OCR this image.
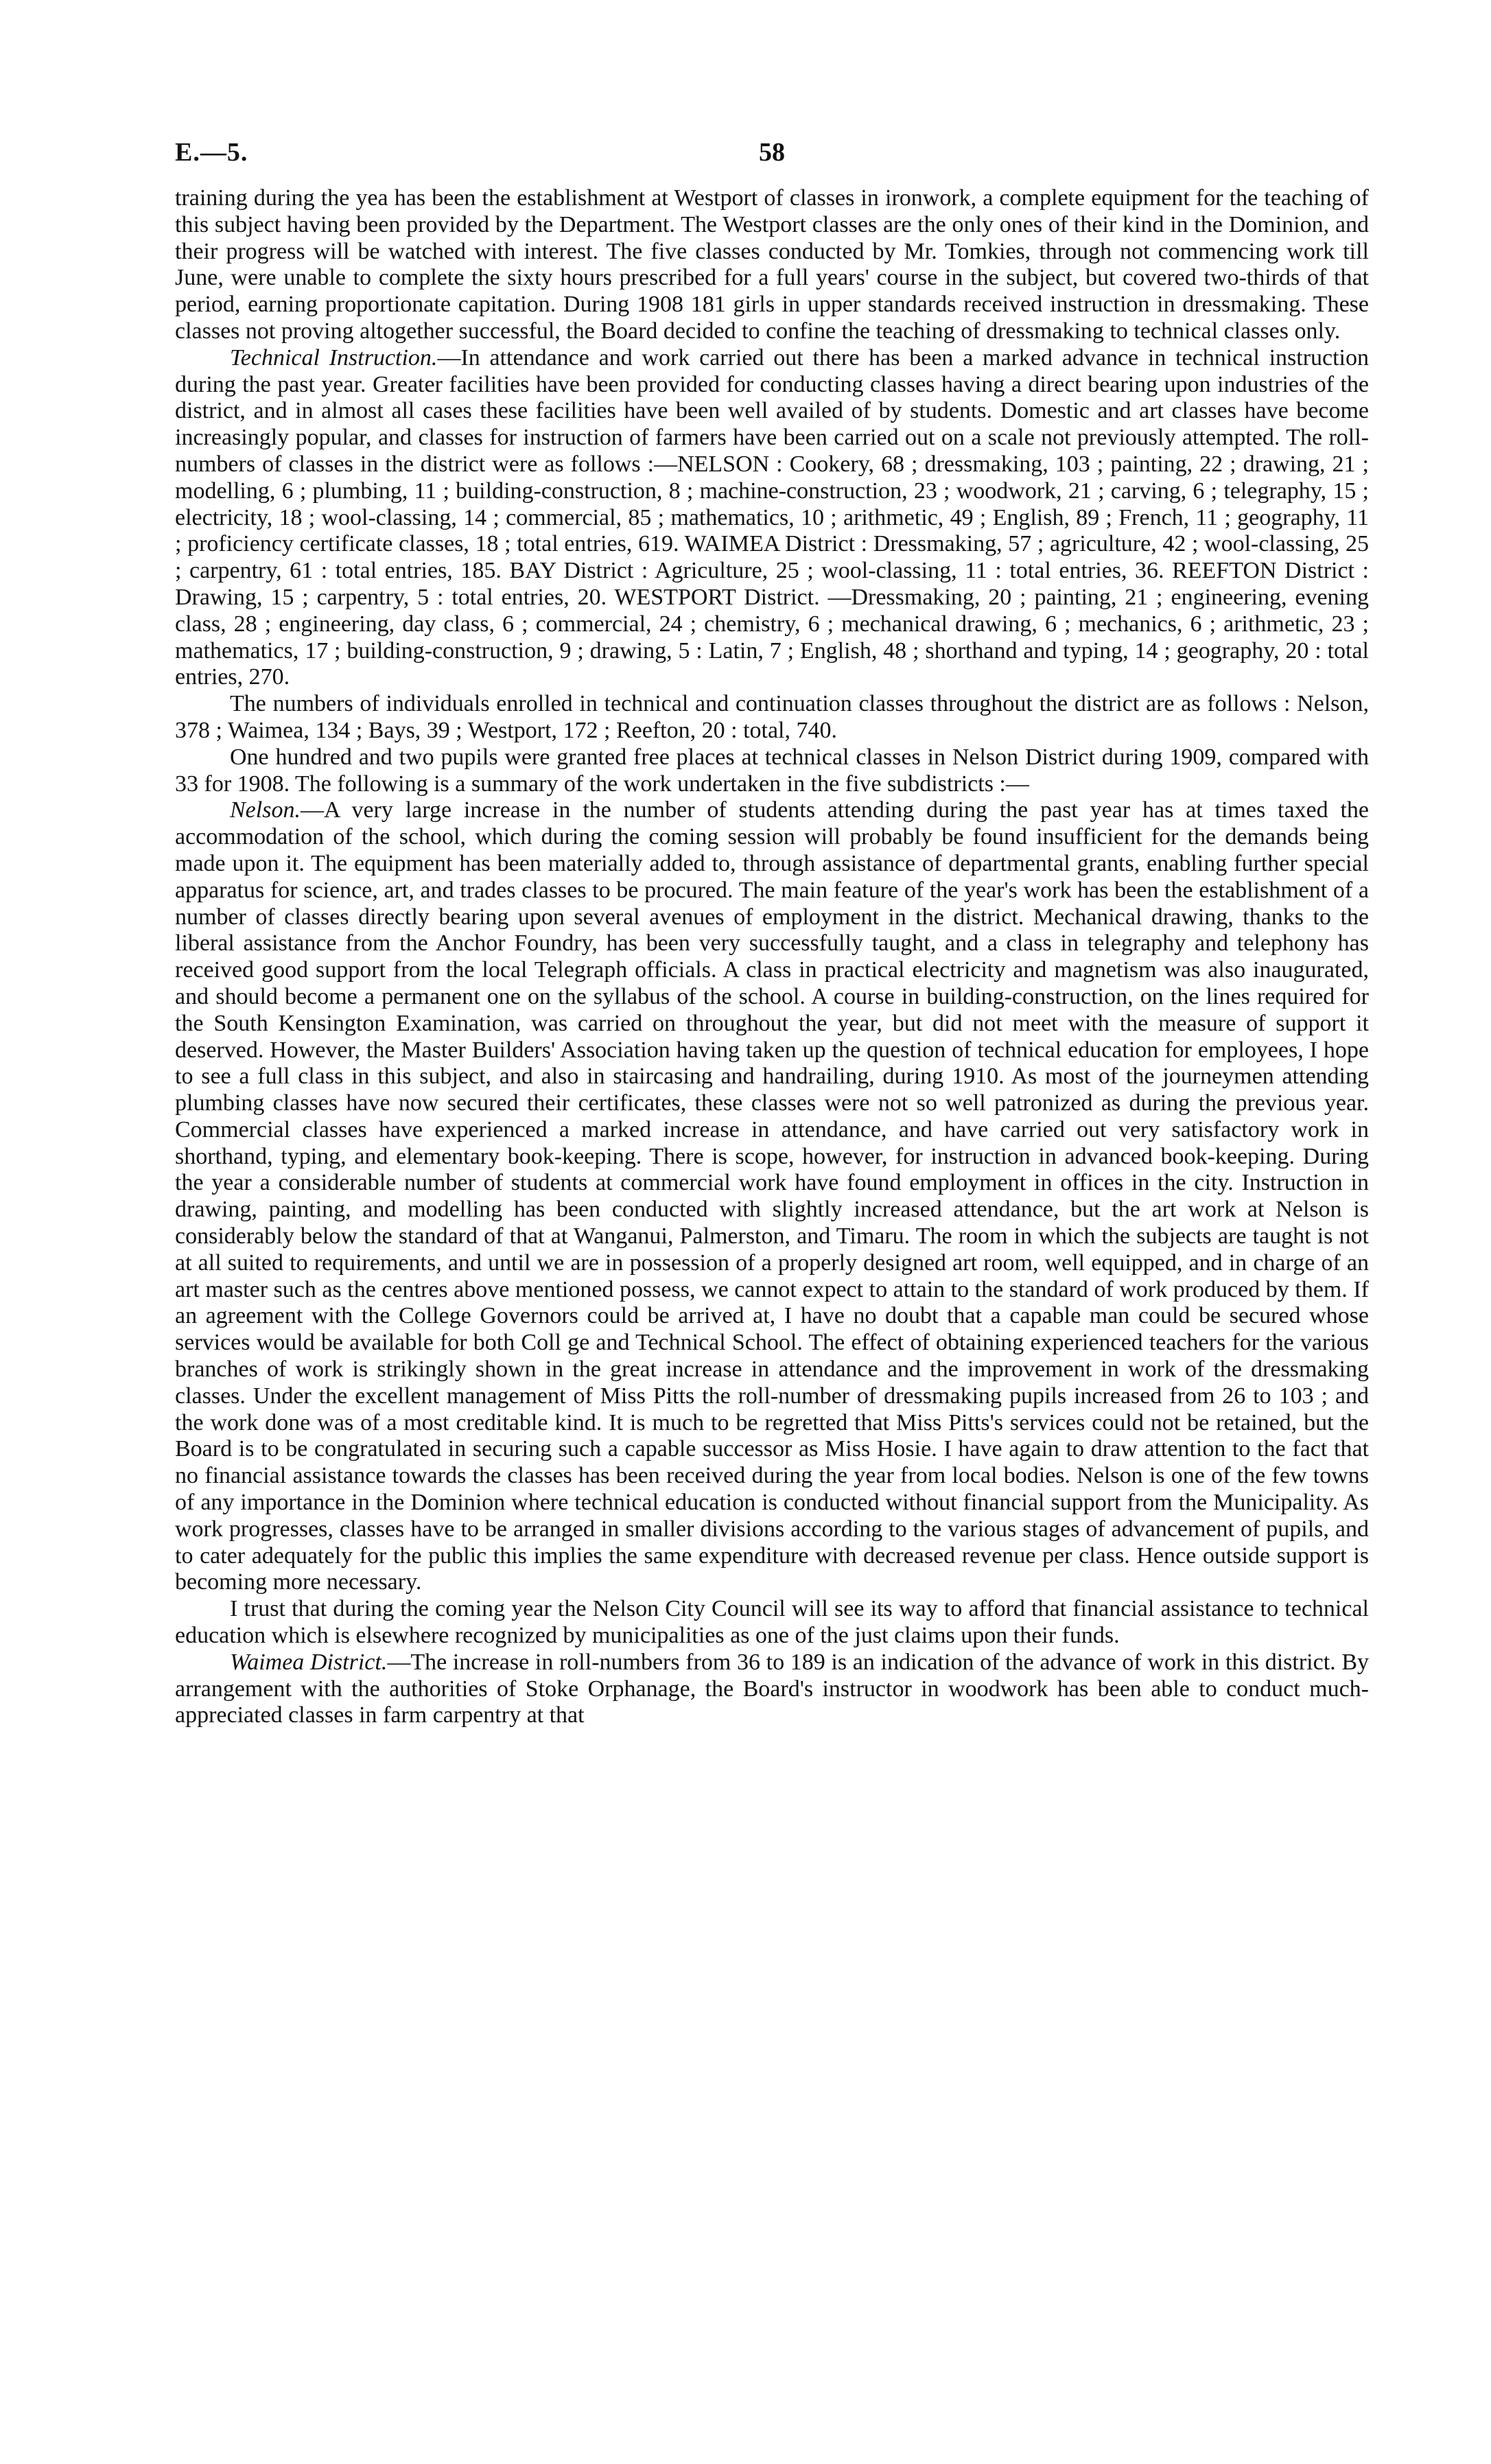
E.—5.	58

training during the yea has been the establishment at Westport of classes in ironwork, a complete equipment for the teaching of this subject having been provided by the Department. The Westport classes are the only ones of their kind in the Dominion, and their progress will be watched with interest. The five classes conducted by Mr. Tomkies, through not commencing work till June, were unable to complete the sixty hours prescribed for a full years' course in the subject, but covered two-thirds of that period, earning proportionate capitation. During 1908 181 girls in upper standards received instruction in dressmaking. These classes not proving altogether successful, the Board decided to confine the teaching of dressmaking to technical classes only.

Technical Instruction.—In attendance and work carried out there has been a marked advance in technical instruction during the past year. Greater facilities have been provided for conducting classes having a direct bearing upon industries of the district, and in almost all cases these facilities have been well availed of by students. Domestic and art classes have become increasingly popular, and classes for instruction of farmers have been carried out on a scale not previously attempted. The roll-numbers of classes in the district were as follows :—NELSON : Cookery, 68 ; dressmaking, 103 ; painting, 22 ; drawing, 21 ; modelling, 6 ; plumbing, 11 ; building-construction, 8 ; machine-construction, 23 ; woodwork, 21 ; carving, 6 ; telegraphy, 15 ; electricity, 18 ; wool-classing, 14 ; commercial, 85 ; mathematics, 10 ; arithmetic, 49 ; English, 89 ; French, 11 ; geography, 11 ; proficiency certificate classes, 18 ; total entries, 619. WAIMEA District : Dressmaking, 57 ; agriculture, 42 ; wool-classing, 25 ; carpentry, 61 : total entries, 185. BAY District : Agriculture, 25 ; wool-classing, 11 : total entries, 36. REEFTON District : Drawing, 15 ; carpentry, 5 : total entries, 20. WESTPORT District. —Dressmaking, 20 ; painting, 21 ; engineering, evening class, 28 ; engineering, day class, 6 ; commercial, 24 ; chemistry, 6 ; mechanical drawing, 6 ; mechanics, 6 ; arithmetic, 23 ; mathematics, 17 ; building-construction, 9 ; drawing, 5 : Latin, 7 ; English, 48 ; shorthand and typing, 14 ; geography, 20 : total entries, 270.

The numbers of individuals enrolled in technical and continuation classes throughout the district are as follows : Nelson, 378 ; Waimea, 134 ; Bays, 39 ; Westport, 172 ; Reefton, 20 : total, 740.

One hundred and two pupils were granted free places at technical classes in Nelson District during 1909, compared with 33 for 1908. The following is a summary of the work undertaken in the five subdistricts :—

Nelson.—A very large increase in the number of students attending during the past year has at times taxed the accommodation of the school, which during the coming session will probably be found insufficient for the demands being made upon it. The equipment has been materially added to, through assistance of departmental grants, enabling further special apparatus for science, art, and trades classes to be procured. The main feature of the year's work has been the establishment of a number of classes directly bearing upon several avenues of employment in the district. Mechanical drawing, thanks to the liberal assistance from the Anchor Foundry, has been very successfully taught, and a class in telegraphy and telephony has received good support from the local Telegraph officials. A class in practical electricity and magnetism was also inaugurated, and should become a permanent one on the syllabus of the school. A course in building-construction, on the lines required for the South Kensington Examination, was carried on throughout the year, but did not meet with the measure of support it deserved. However, the Master Builders' Association having taken up the question of technical education for employees, I hope to see a full class in this subject, and also in staircasing and handrailing, during 1910. As most of the journeymen attending plumbing classes have now secured their certificates, these classes were not so well patronized as during the previous year. Commercial classes have experienced a marked increase in attendance, and have carried out very satisfactory work in shorthand, typing, and elementary book-keeping. There is scope, however, for instruction in advanced book-keeping. During the year a considerable number of students at commercial work have found employment in offices in the city. Instruction in drawing, painting, and modelling has been conducted with slightly increased attendance, but the art work at Nelson is considerably below the standard of that at Wanganui, Palmerston, and Timaru. The room in which the subjects are taught is not at all suited to requirements, and until we are in possession of a properly designed art room, well equipped, and in charge of an art master such as the centres above mentioned possess, we cannot expect to attain to the standard of work produced by them. If an agreement with the College Governors could be arrived at, I have no doubt that a capable man could be secured whose services would be available for both Coll ge and Technical School. The effect of obtaining experienced teachers for the various branches of work is strikingly shown in the great increase in attendance and the improvement in work of the dressmaking classes. Under the excellent management of Miss Pitts the roll-number of dressmaking pupils increased from 26 to 103 ; and the work done was of a most creditable kind. It is much to be regretted that Miss Pitts's services could not be retained, but the Board is to be congratulated in securing such a capable successor as Miss Hosie. I have again to draw attention to the fact that no financial assistance towards the classes has been received during the year from local bodies. Nelson is one of the few towns of any importance in the Dominion where technical education is conducted without financial support from the Municipality. As work progresses, classes have to be arranged in smaller divisions according to the various stages of advancement of pupils, and to cater adequately for the public this implies the same expenditure with decreased revenue per class. Hence outside support is becoming more necessary.

I trust that during the coming year the Nelson City Council will see its way to afford that financial assistance to technical education which is elsewhere recognized by municipalities as one of the just claims upon their funds.

Waimea District.—The increase in roll-numbers from 36 to 189 is an indication of the advance of work in this district. By arrangement with the authorities of Stoke Orphanage, the Board's instructor in woodwork has been able to conduct much-appreciated classes in farm carpentry at that
